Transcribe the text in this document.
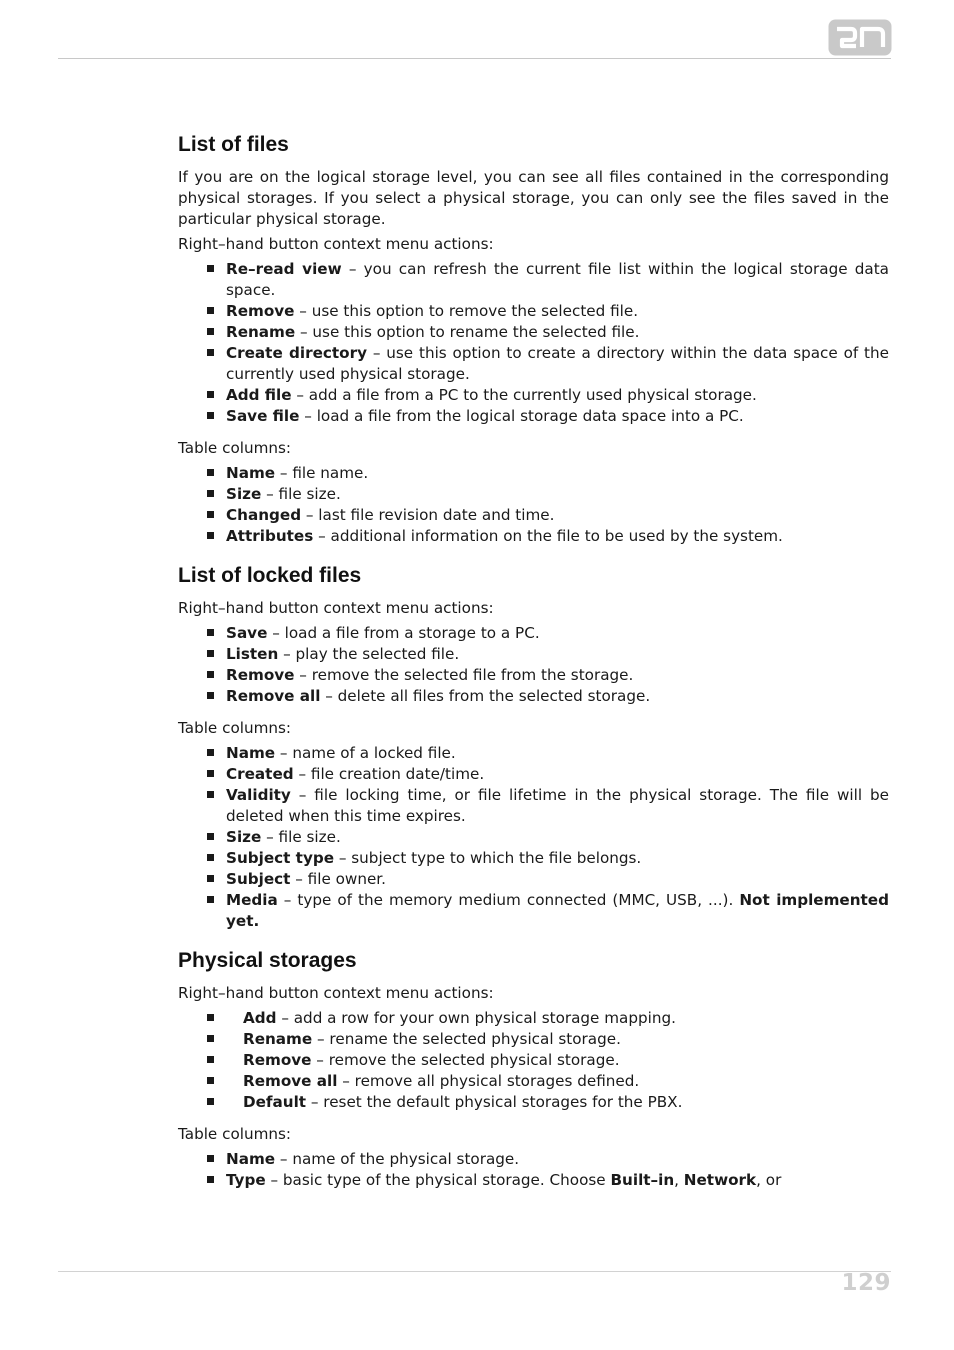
List of files

If you are on the logical storage level, you can see all files contained in the corresponding physical storages. If you select a physical storage, you can only see the files saved in the particular physical storage.

Right–hand button context menu actions:

Re–read view – you can refresh the current file list within the logical storage data space.
Remove – use this option to remove the selected file.
Rename – use this option to rename the selected file.
Create directory – use this option to create a directory within the data space of the currently used physical storage.
Add file – add a file from a PC to the currently used physical storage.
Save file – load a file from the logical storage data space into a PC.

Table columns:

Name – file name.
Size – file size.
Changed – last file revision date and time.
Attributes – additional information on the file to be used by the system.
List of locked files

Right–hand button context menu actions:

Save – load a file from a storage to a PC.
Listen – play the selected file.
Remove – remove the selected file from the storage.
Remove all – delete all files from the selected storage.

Table columns:

Name – name of a locked file.
Created – file creation date/time.
Validity – file locking time, or file lifetime in the physical storage. The file will be deleted when this time expires.
Size – file size.
Subject type – subject type to which the file belongs.
Subject – file owner.
Media – type of the memory medium connected (MMC, USB, ...). Not implemented yet.
Physical storages

Right–hand button context menu actions:

Add – add a row for your own physical storage mapping.
Rename – rename the selected physical storage.
Remove – remove the selected physical storage.
Remove all – remove all physical storages defined.
Default – reset the default physical storages for the PBX.

Table columns:

Name – name of the physical storage.
Type – basic type of the physical storage. Choose Built–in, Network, or
129
